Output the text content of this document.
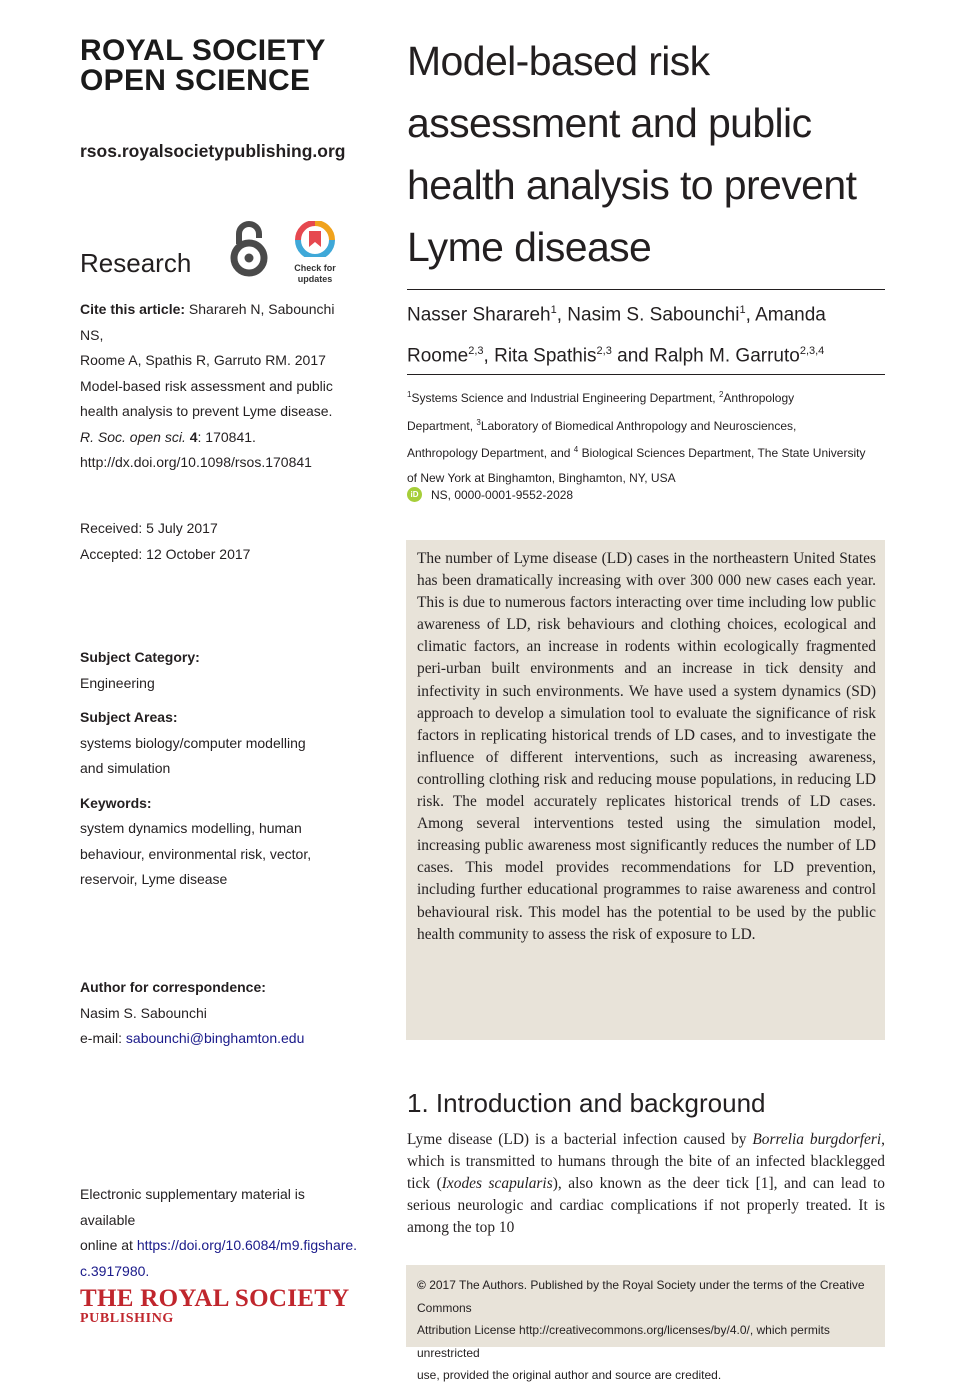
ROYAL SOCIETY
OPEN SCIENCE
rsos.royalsocietypublishing.org
Research	Check for
updates
Cite this article: Sharareh N, Sabounchi NS,
Roome A, Spathis R, Garruto RM. 2017
Model-based risk assessment and public
health analysis to prevent Lyme disease.
R. Soc. open sci. 4: 170841.
http://dx.doi.org/10.1098/rsos.170841
Received: 5 July 2017
Accepted: 12 October 2017
Subject Category:
Engineering
Subject Areas:
systems biology/computer modelling
and simulation
Keywords:
system dynamics modelling, human
behaviour, environmental risk, vector,
reservoir, Lyme disease
Author for correspondence:
Nasim S. Sabounchi
e-mail: sabounchi@binghamton.edu
Electronic supplementary material is available
online at https://doi.org/10.6084/m9.figshare.
c.3917980.
THE ROYAL SOCIETY
PUBLISHING
Model-based risk
assessment and public
health analysis to prevent
Lyme disease
Nasser Sharareh$^1$, Nasim S. Sabounchi$^1$, Amanda
Roome$^{2,3}$, Rita Spathis$^{2,3}$ and Ralph M. Garruto$^{2,3,4}$
$^1$Systems Science and Industrial Engineering Department, $^2$Anthropology
Department, $^3$Laboratory of Biomedical Anthropology and Neurosciences,
Anthropology Department, and $^4$ Biological Sciences Department, The State University
of New York at Binghamton, Binghamton, NY, USA
iD NS, 0000-0001-9552-2028
The number of Lyme disease (LD) cases in the northeastern United States has been dramatically increasing with over 300 000 new cases each year. This is due to numerous factors interacting over time including low public awareness of LD, risk behaviours and clothing choices, ecological and climatic factors, an increase in rodents within ecologically fragmented peri-urban built environments and an increase in tick density and infectivity in such environments. We have used a system dynamics (SD) approach to develop a simulation tool to evaluate the significance of risk factors in replicating historical trends of LD cases, and to investigate the influence of different interventions, such as increasing awareness, controlling clothing risk and reducing mouse populations, in reducing LD risk. The model accurately replicates historical trends of LD cases. Among several interventions tested using the simulation model, increasing public awareness most significantly reduces the number of LD cases. This model provides recommendations for LD prevention, including further educational programmes to raise awareness and control behavioural risk. This model has the potential to be used by the public health community to assess the risk of exposure to LD.
1. Introduction and background
Lyme disease (LD) is a bacterial infection caused by Borrelia burgdorferi, which is transmitted to humans through the bite of an infected blacklegged tick (Ixodes scapularis), also known as the deer tick [1], and can lead to serious neurologic and cardiac complications if not properly treated. It is among the top 10
© 2017 The Authors. Published by the Royal Society under the terms of the Creative Commons
Attribution License http://creativecommons.org/licenses/by/4.0/, which permits unrestricted
use, provided the original author and source are credited.
